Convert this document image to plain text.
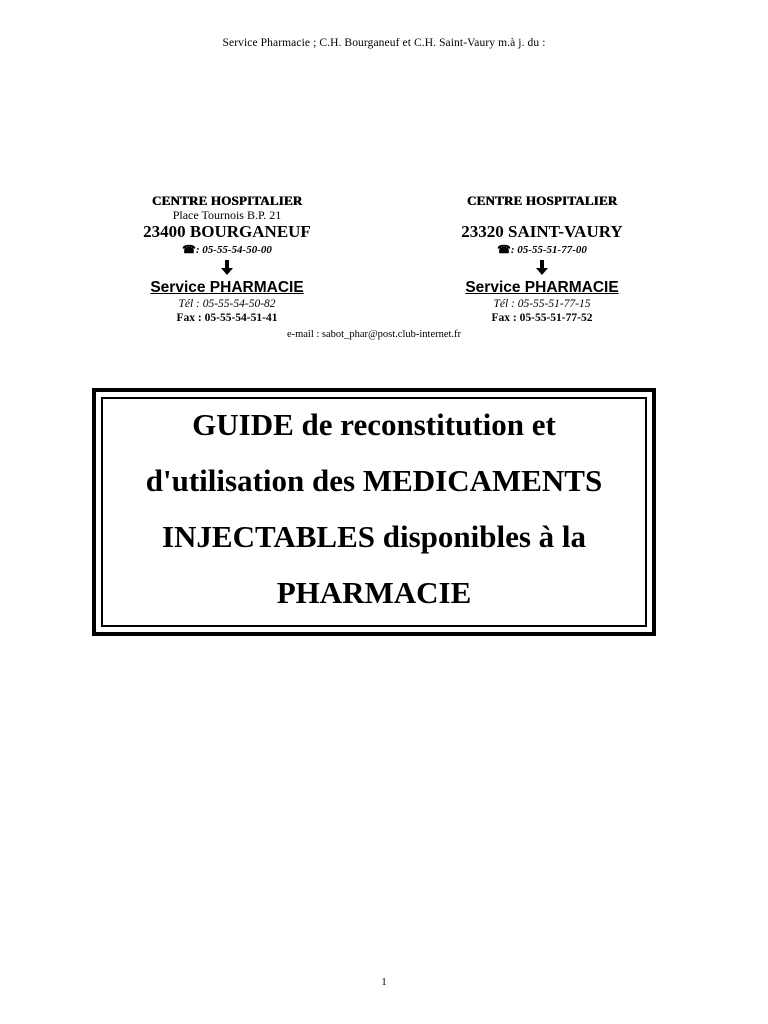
Service Pharmacie ; C.H. Bourganeuf et C.H. Saint-Vaury m.à j. du :
CENTRE HOSPITALIER
Place Tournois B.P. 21
23400 BOURGANEUF
☎: 05-55-54-50-00
Service PHARMACIE
Tél : 05-55-54-50-82
Fax : 05-55-54-51-41
CENTRE HOSPITALIER

23320 SAINT-VAURY
☎: 05-55-51-77-00
Service PHARMACIE
Tél : 05-55-51-77-15
Fax : 05-55-51-77-52
e-mail : sabot_phar@post.club-internet.fr
GUIDE de reconstitution et
d'utilisation des MEDICAMENTS
INJECTABLES disponibles à la
PHARMACIE
1
